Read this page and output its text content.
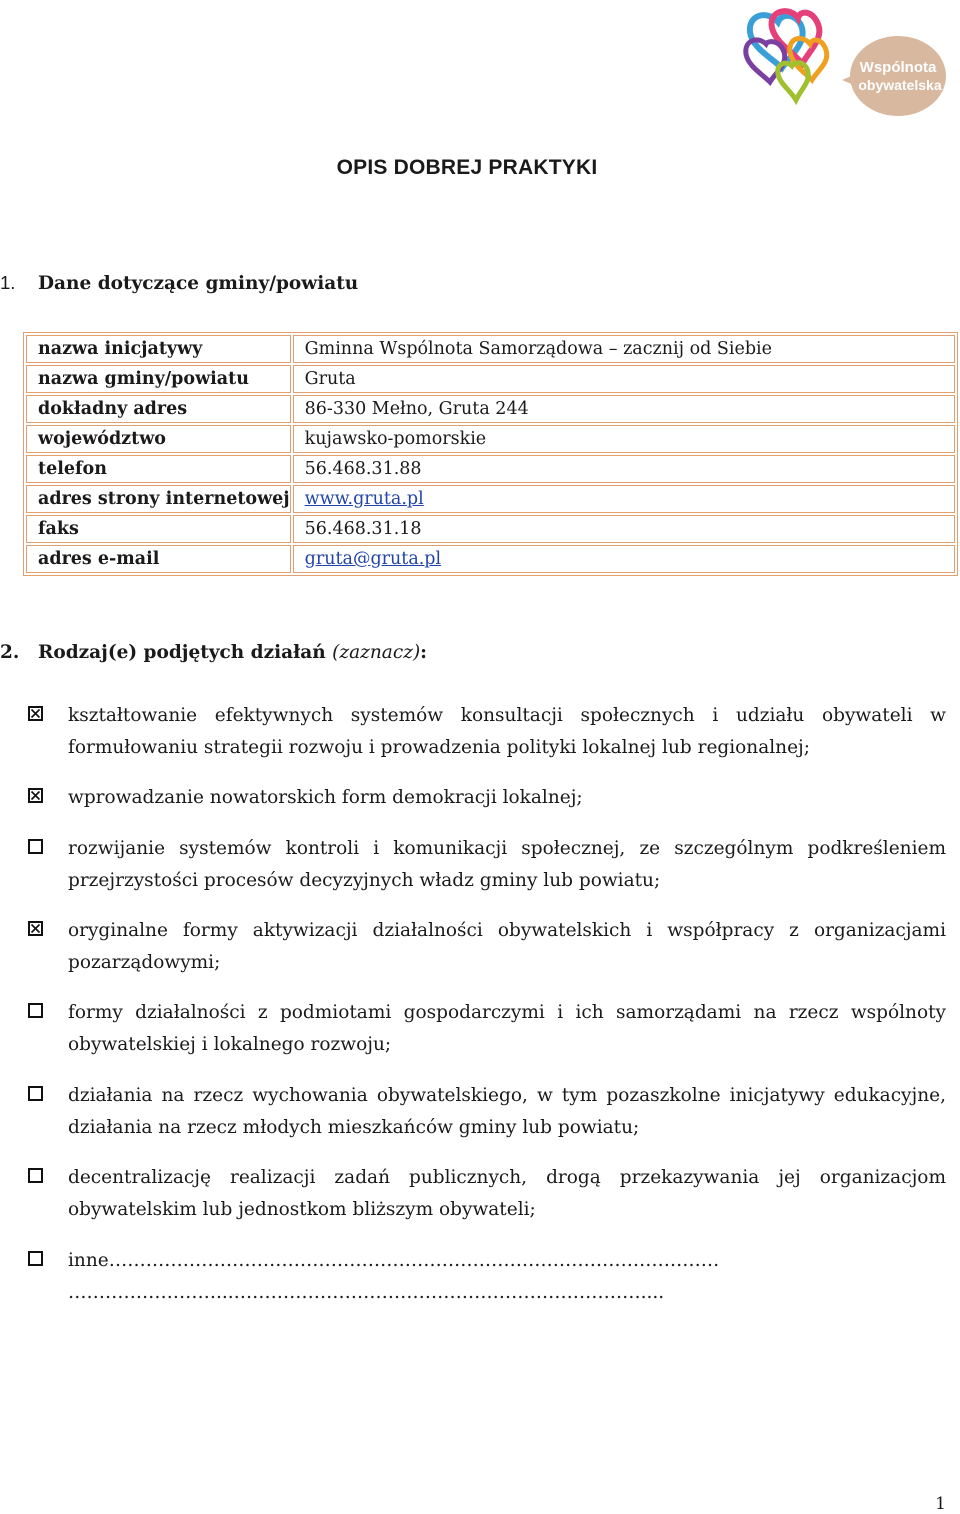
Wspólnota
obywatelska
OPIS DOBREJ PRAKTYKI
1. Dane dotyczące gminy/powiatu
nazwa inicjatywy	Gminna Wspólnota Samorządowa – zacznij od Siebie
nazwa gminy/powiatu	Gruta
dokładny adres	86-330 Mełno, Gruta 244
województwo	kujawsko-pomorskie
telefon	56.468.31.88
adres strony internetowej	www.gruta.pl
faks	56.468.31.18
adres e-mail	gruta@gruta.pl
2. Rodzaj(e) podjętych działań (zaznacz):
kształtowanie efektywnych systemów konsultacji społecznych i udziału obywateli w formułowaniu strategii rozwoju i prowadzenia polityki lokalnej lub regionalnej;
wprowadzanie nowatorskich form demokracji lokalnej;
rozwijanie systemów kontroli i komunikacji społecznej, ze szczególnym podkreśleniem przejrzystości procesów decyzyjnych władz gminy lub powiatu;
oryginalne formy aktywizacji działalności obywatelskich i współpracy z organizacjami pozarządowymi;
formy działalności z podmiotami gospodarczymi i ich samorządami na rzecz wspólnoty obywatelskiej i lokalnego rozwoju;
działania na rzecz wychowania obywatelskiego, w tym pozaszkolne inicjatywy edukacyjne, działania na rzecz młodych mieszkańców gminy lub powiatu;
decentralizację realizacji zadań publicznych, drogą przekazywania jej organizacjom obywatelskim lub jednostkom bliższym obywateli;
inne……………………………………………………………………………………… ……………………...…………………………………………………………....
1
